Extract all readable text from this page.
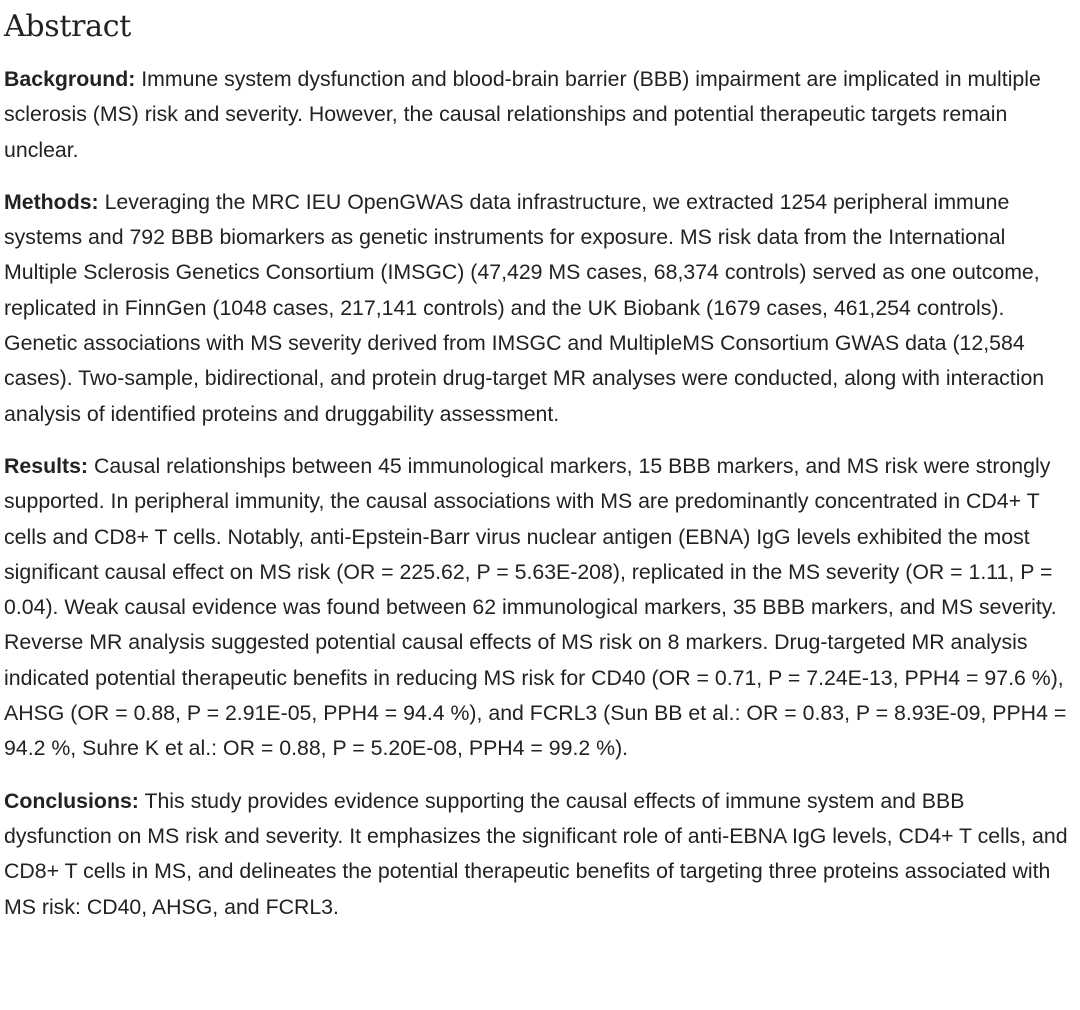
Abstract

Background: Immune system dysfunction and blood-brain barrier (BBB) impairment are implicated in multiple sclerosis (MS) risk and severity. However, the causal relationships and potential therapeutic targets remain unclear.

Methods: Leveraging the MRC IEU OpenGWAS data infrastructure, we extracted 1254 peripheral immune systems and 792 BBB biomarkers as genetic instruments for exposure. MS risk data from the International Multiple Sclerosis Genetics Consortium (IMSGC) (47,429 MS cases, 68,374 controls) served as one outcome, replicated in FinnGen (1048 cases, 217,141 controls) and the UK Biobank (1679 cases, 461,254 controls). Genetic associations with MS severity derived from IMSGC and MultipleMS Consortium GWAS data (12,584 cases). Two-sample, bidirectional, and protein drug-target MR analyses were conducted, along with interaction analysis of identified proteins and druggability assessment.

Results: Causal relationships between 45 immunological markers, 15 BBB markers, and MS risk were strongly supported. In peripheral immunity, the causal associations with MS are predominantly concentrated in CD4+ T cells and CD8+ T cells. Notably, anti-Epstein-Barr virus nuclear antigen (EBNA) IgG levels exhibited the most significant causal effect on MS risk (OR = 225.62, P = 5.63E-208), replicated in the MS severity (OR = 1.11, P = 0.04). Weak causal evidence was found between 62 immunological markers, 35 BBB markers, and MS severity. Reverse MR analysis suggested potential causal effects of MS risk on 8 markers. Drug-targeted MR analysis indicated potential therapeutic benefits in reducing MS risk for CD40 (OR = 0.71, P = 7.24E-13, PPH4 = 97.6 %), AHSG (OR = 0.88, P = 2.91E-05, PPH4 = 94.4 %), and FCRL3 (Sun BB et al.: OR = 0.83, P = 8.93E-09, PPH4 = 94.2 %, Suhre K et al.: OR = 0.88, P = 5.20E-08, PPH4 = 99.2 %).

Conclusions: This study provides evidence supporting the causal effects of immune system and BBB dysfunction on MS risk and severity. It emphasizes the significant role of anti-EBNA IgG levels, CD4+ T cells, and CD8+ T cells in MS, and delineates the potential therapeutic benefits of targeting three proteins associated with MS risk: CD40, AHSG, and FCRL3.
